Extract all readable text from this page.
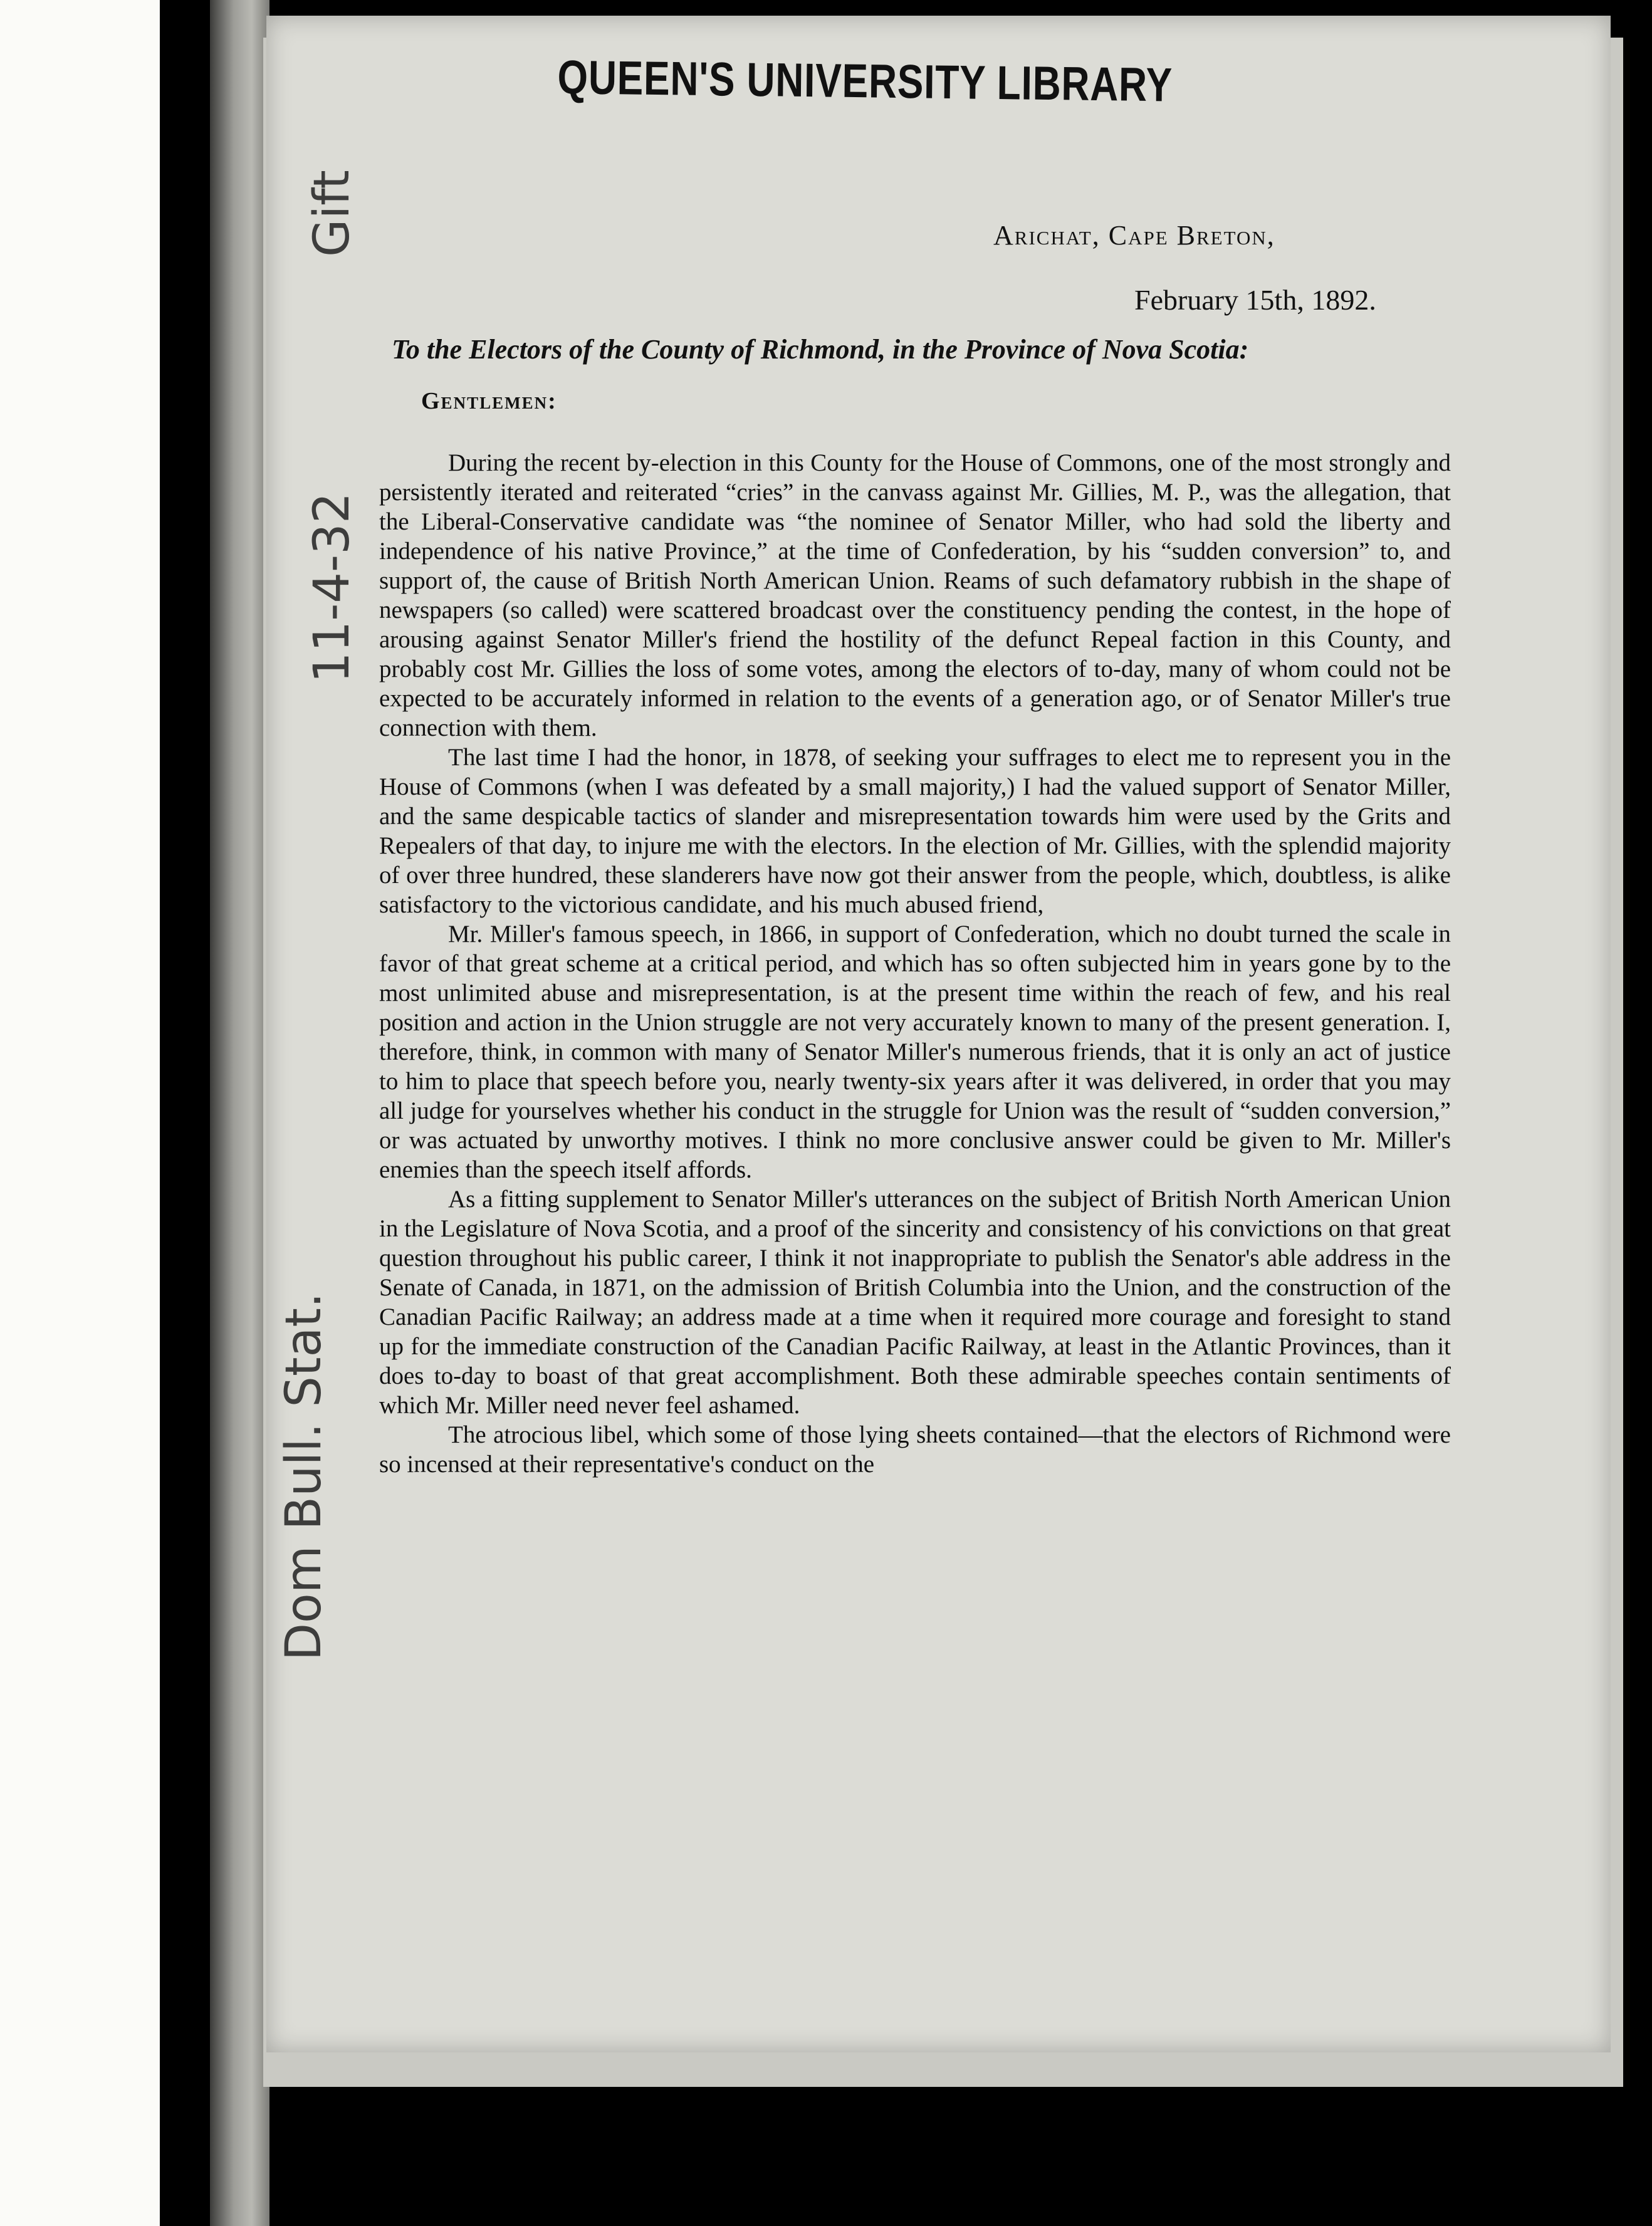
QUEEN'S UNIVERSITY LIBRARY
Gift
11-4-32
Dom Bull. Stat.
Arichat, Cape Breton,
February 15th, 1892.
To the Electors of the County of Richmond, in the Province of Nova Scotia:
Gentlemen:

During the recent by-election in this County for the House of Commons, one of the most strongly and persistently iterated and reiterated “cries” in the canvass against Mr. Gillies, M. P., was the allegation, that the Liberal-Conservative candidate was “the nominee of Senator Miller, who had sold the liberty and independence of his native Province,” at the time of Confederation, by his “sudden conversion” to, and support of, the cause of British North American Union. Reams of such defamatory rubbish in the shape of newspapers (so called) were scattered broadcast over the constituency pending the contest, in the hope of arousing against Senator Miller's friend the hostility of the defunct Repeal faction in this County, and probably cost Mr. Gillies the loss of some votes, among the electors of to-day, many of whom could not be expected to be accurately informed in relation to the events of a generation ago, or of Senator Miller's true connection with them.

The last time I had the honor, in 1878, of seeking your suffrages to elect me to represent you in the House of Commons (when I was defeated by a small majority,) I had the valued support of Senator Miller, and the same despicable tactics of slander and misrepresentation towards him were used by the Grits and Repealers of that day, to injure me with the electors. In the election of Mr. Gillies, with the splendid majority of over three hundred, these slanderers have now got their answer from the people, which, doubtless, is alike satisfactory to the victorious candidate, and his much abused friend,

Mr. Miller's famous speech, in 1866, in support of Confederation, which no doubt turned the scale in favor of that great scheme at a critical period, and which has so often subjected him in years gone by to the most unlimited abuse and misrepresentation, is at the present time within the reach of few, and his real position and action in the Union struggle are not very accurately known to many of the present generation. I, therefore, think, in common with many of Senator Miller's numerous friends, that it is only an act of justice to him to place that speech before you, nearly twenty-six years after it was delivered, in order that you may all judge for yourselves whether his conduct in the struggle for Union was the result of “sudden conversion,” or was actuated by unworthy motives. I think no more conclusive answer could be given to Mr. Miller's enemies than the speech itself affords.

As a fitting supplement to Senator Miller's utterances on the subject of British North American Union in the Legislature of Nova Scotia, and a proof of the sincerity and consistency of his convictions on that great question throughout his public career, I think it not inappropriate to publish the Senator's able address in the Senate of Canada, in 1871, on the admission of British Columbia into the Union, and the construction of the Canadian Pacific Railway; an address made at a time when it required more courage and foresight to stand up for the immediate construction of the Canadian Pacific Railway, at least in the Atlantic Provinces, than it does to-day to boast of that great accomplishment. Both these admirable speeches contain sentiments of which Mr. Miller need never feel ashamed.

The atrocious libel, which some of those lying sheets contained—that the electors of Richmond were so incensed at their representative's conduct on the
